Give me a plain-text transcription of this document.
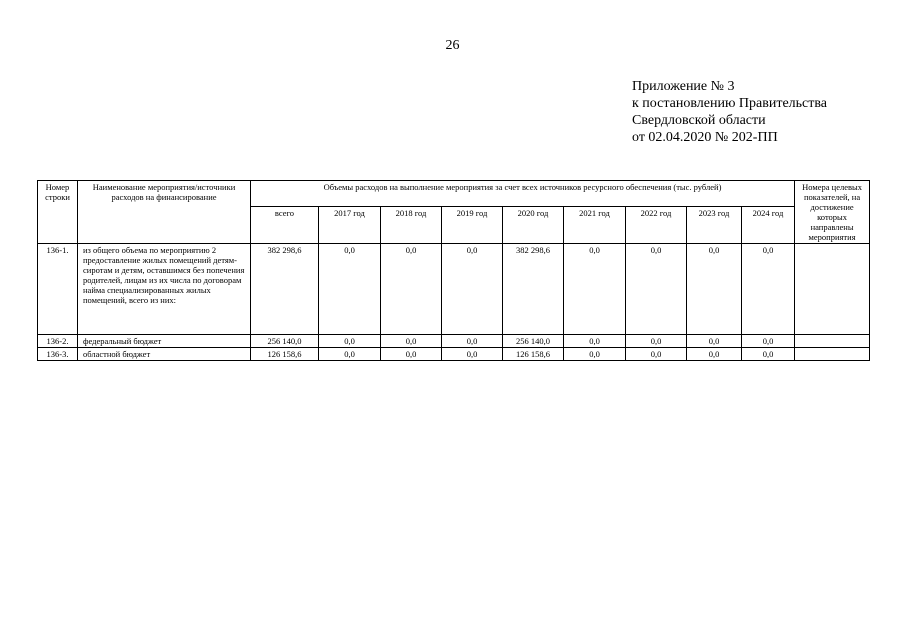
26
Приложение № 3
к постановлению Правительства
Свердловской области
от 02.04.2020 № 202-ПП
Номер строки	Наименование мероприятия/источники расходов на финансирование	Объемы расходов на выполнение мероприятия за счет всех источников ресурсного обеспечения (тыс. рублей)									Номера целевых показателей, на достижение которых направлены мероприятия
		всего	2017 год	2018 год	2019 год	2020 год	2021 год	2022 год	2023 год	2024 год	
136-1.	из общего объема по мероприятию 2 предоставление жилых помещений детям-сиротам и детям, оставшимся без попечения родителей, лицам из их числа по договорам найма специализированных жилых помещений, всего из них:	382 298,6	0,0	0,0	0,0	382 298,6	0,0	0,0	0,0	0,0	
136-2.	федеральный бюджет	256 140,0	0,0	0,0	0,0	256 140,0	0,0	0,0	0,0	0,0	
136-3.	областной бюджет	126 158,6	0,0	0,0	0,0	126 158,6	0,0	0,0	0,0	0,0	
